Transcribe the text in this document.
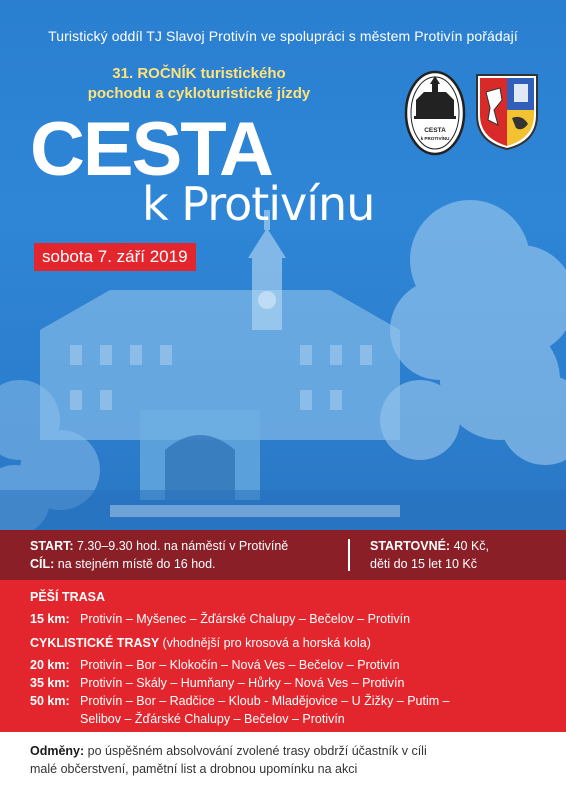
Turistický oddíl TJ Slavoj Protivín ve spolupráci s městem Protivín pořádají
31. ROČNÍK turistického
pochodu a cykloturistické jízdy
CESTA
k Protivínu
sobota 7. září 2019
CESTA
k PROTIVÍNU
START: 7.30–9.30 hod. na náměstí v Protivíně
CÍL: na stejném místě do 16 hod.
STARTOVNÉ: 40 Kč,
děti do 15 let 10 Kč
PĚŠÍ TRASA
15 km: Protivín – Myšenec – Žďárské Chalupy – Bečelov – Protivín
CYKLISTICKÉ TRASY (vhodnější pro krosová a horská kola)
20 km: Protivín – Bor – Klokočín – Nová Ves – Bečelov – Protivín
35 km: Protivín – Skály – Humňany – Hůrky – Nová Ves – Protivín
50 km: Protivín – Bor – Radčice – Kloub - Mladějovice – U Žižky – Putim –
Selibov – Žďárské Chalupy – Bečelov – Protivín
Odměny: po úspěšném absolvování zvolené trasy obdrží účastník v cíli
malé občerstvení, pamětní list a drobnou upomínku na akci
